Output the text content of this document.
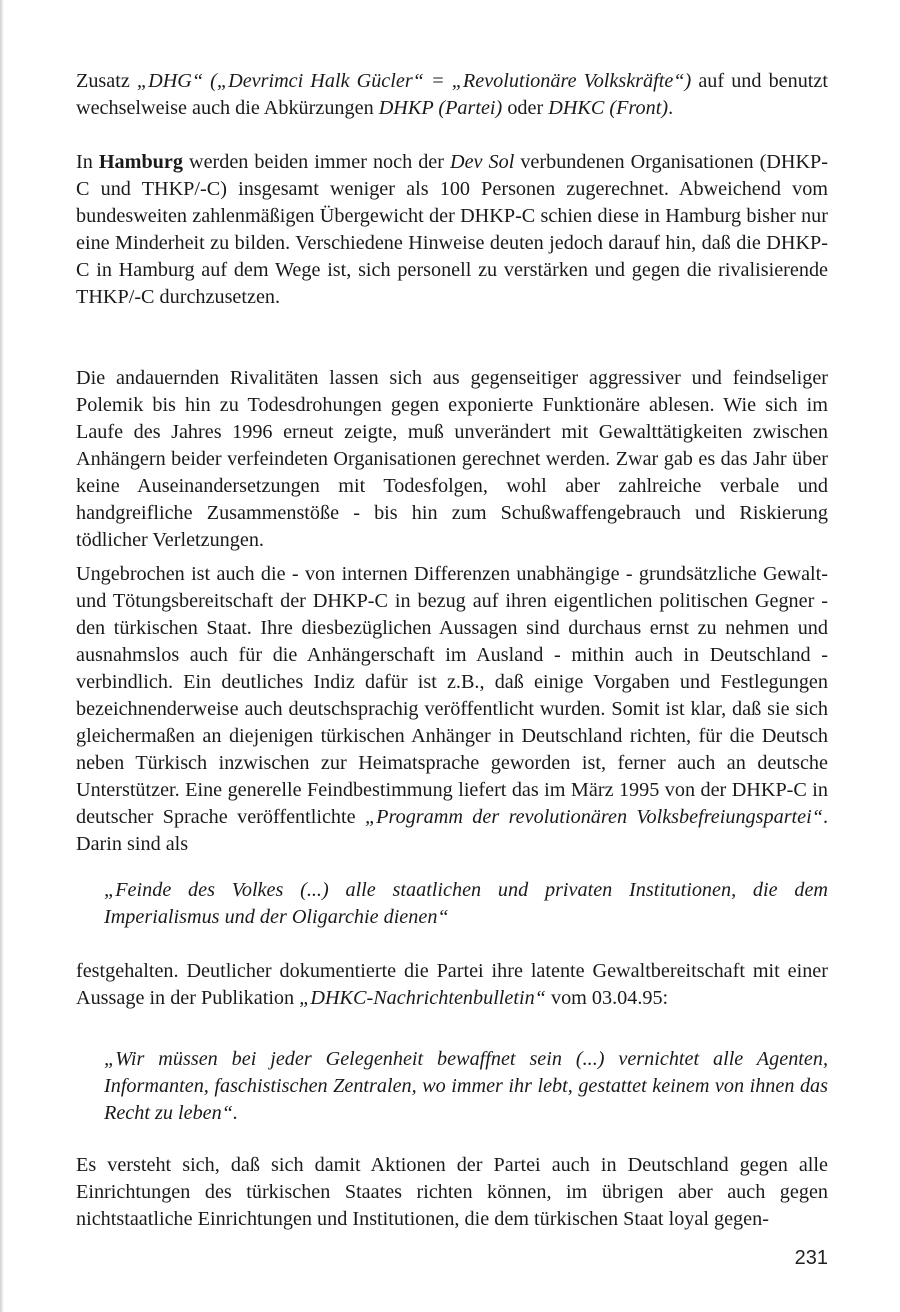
Zusatz „DHG“ („Devrimci Halk Gücler“ = „Revolutionäre Volkskräfte“) auf und benutzt wechselweise auch die Abkürzungen DHKP (Partei) oder DHKC (Front).

In Hamburg werden beiden immer noch der Dev Sol verbundenen Organisationen (DHKP-C und THKP/-C) insgesamt weniger als 100 Personen zugerechnet. Abweichend vom bundesweiten zahlenmäßigen Übergewicht der DHKP-C schien diese in Hamburg bisher nur eine Minderheit zu bilden. Verschiedene Hinweise deuten jedoch darauf hin, daß die DHKP-C in Hamburg auf dem Wege ist, sich personell zu verstärken und gegen die rivalisierende THKP/-C durchzusetzen.

Die andauernden Rivalitäten lassen sich aus gegenseitiger aggressiver und feindseliger Polemik bis hin zu Todesdrohungen gegen exponierte Funktionäre ablesen. Wie sich im Laufe des Jahres 1996 erneut zeigte, muß unverändert mit Gewalttätigkeiten zwischen Anhängern beider verfeindeten Organisationen gerechnet werden. Zwar gab es das Jahr über keine Auseinandersetzungen mit Todesfolgen, wohl aber zahlreiche verbale und handgreifliche Zusammenstöße - bis hin zum Schußwaffengebrauch und Riskierung tödlicher Verletzungen.

Ungebrochen ist auch die - von internen Differenzen unabhängige - grundsätzliche Gewalt- und Tötungsbereitschaft der DHKP-C in bezug auf ihren eigentlichen politischen Gegner - den türkischen Staat. Ihre diesbezüglichen Aussagen sind durchaus ernst zu nehmen und ausnahmslos auch für die Anhängerschaft im Ausland - mithin auch in Deutschland - verbindlich. Ein deutliches Indiz dafür ist z.B., daß einige Vorgaben und Festlegungen bezeichnenderweise auch deutschsprachig veröffentlicht wurden. Somit ist klar, daß sie sich gleichermaßen an diejenigen türkischen Anhänger in Deutschland richten, für die Deutsch neben Türkisch inzwischen zur Heimatsprache geworden ist, ferner auch an deutsche Unterstützer. Eine generelle Feindbestimmung liefert das im März 1995 von der DHKP-C in deutscher Sprache veröffentlichte „Programm der revolutionären Volksbefreiungspartei“. Darin sind als

„Feinde des Volkes (...) alle staatlichen und privaten Institutionen, die dem Imperialismus und der Oligarchie dienen“

festgehalten. Deutlicher dokumentierte die Partei ihre latente Gewaltbereitschaft mit einer Aussage in der Publikation „DHKC-Nachrichtenbulletin“ vom 03.04.95:

„Wir müssen bei jeder Gelegenheit bewaffnet sein (...) vernichtet alle Agenten, Informanten, faschistischen Zentralen, wo immer ihr lebt, gestattet keinem von ihnen das Recht zu leben“.

Es versteht sich, daß sich damit Aktionen der Partei auch in Deutschland gegen alle Einrichtungen des türkischen Staates richten können, im übrigen aber auch gegen nichtstaatliche Einrichtungen und Institutionen, die dem türkischen Staat loyal gegen-

231
